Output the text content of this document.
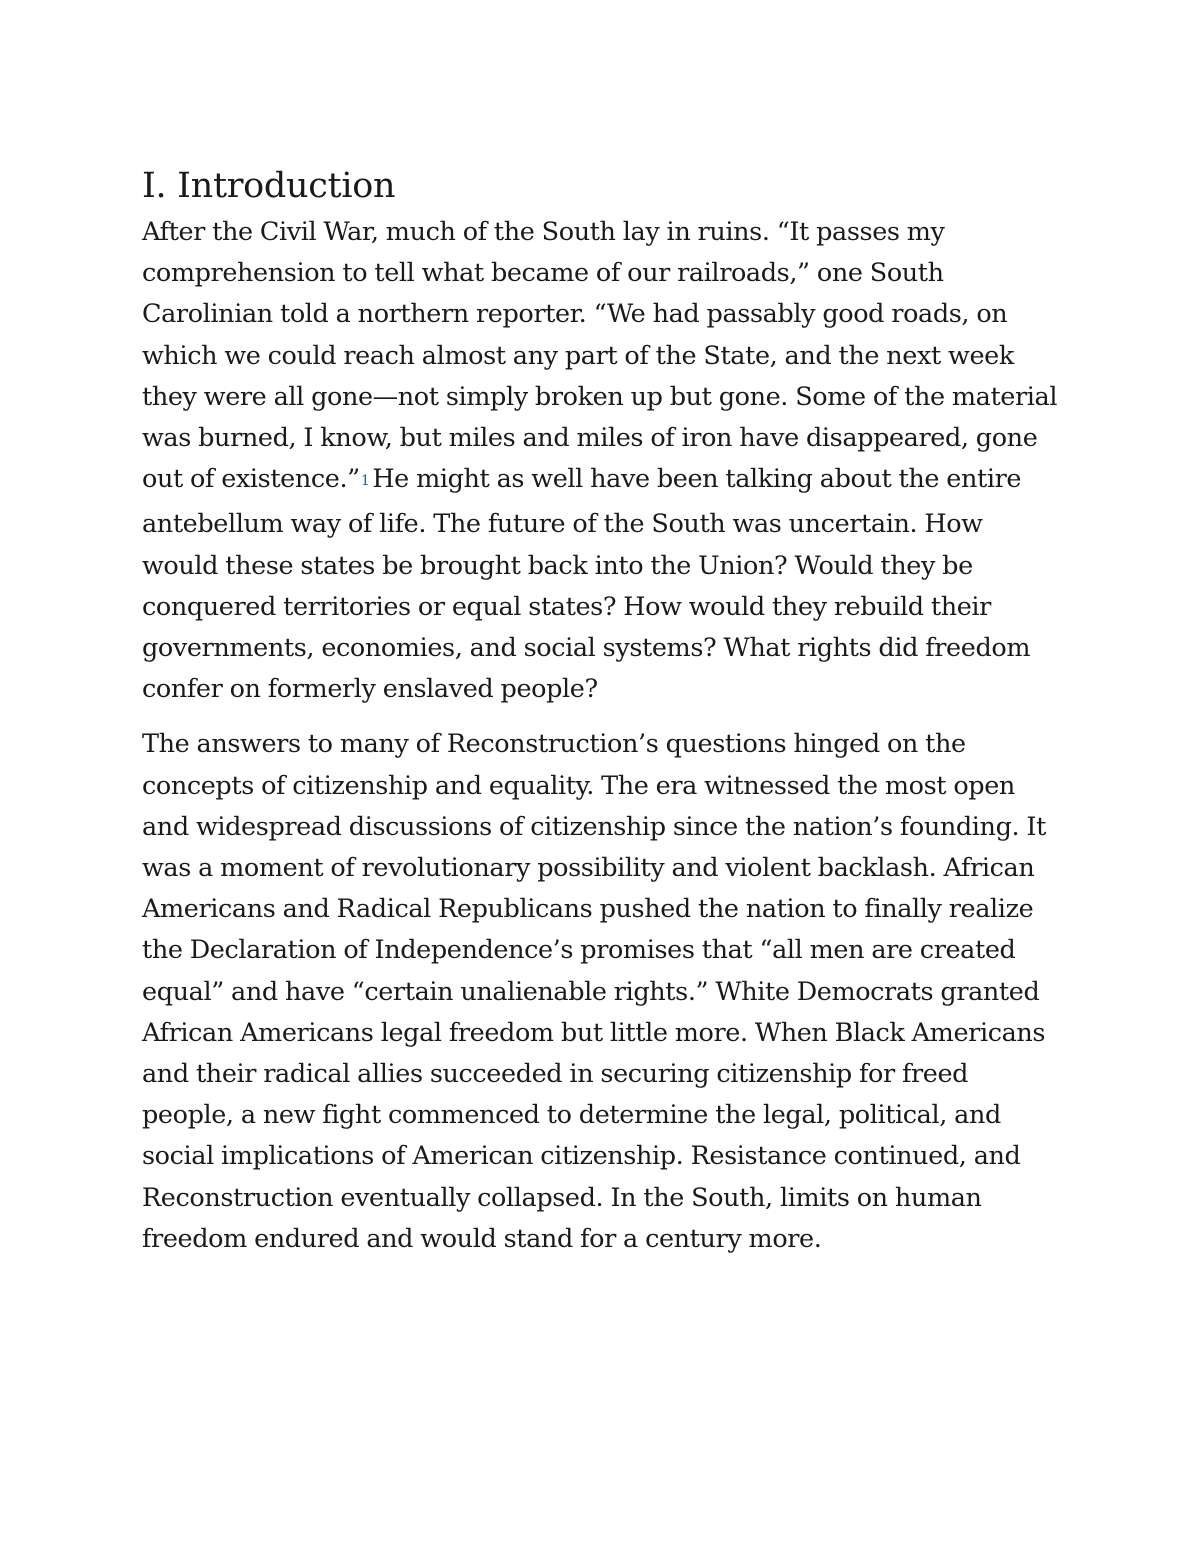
I. Introduction

After the Civil War, much of the South lay in ruins. “It passes my comprehension to tell what became of our railroads,” one South Carolinian told a northern reporter. “We had passably good roads, on which we could reach almost any part of the State, and the next week they were all gone—not simply broken up but gone. Some of the material was burned, I know, but miles and miles of iron have disappeared, gone out of existence.”1 He might as well have been talking about the entire antebellum way of life. The future of the South was uncertain. How would these states be brought back into the Union? Would they be conquered territories or equal states? How would they rebuild their governments, economies, and social systems? What rights did freedom confer on formerly enslaved people?

The answers to many of Reconstruction’s questions hinged on the concepts of citizenship and equality. The era witnessed the most open and widespread discussions of citizenship since the nation’s founding. It was a moment of revolutionary possibility and violent backlash. African Americans and Radical Republicans pushed the nation to finally realize the Declaration of Independence’s promises that “all men are created equal” and have “certain unalienable rights.” White Democrats granted African Americans legal freedom but little more. When Black Americans and their radical allies succeeded in securing citizenship for freed people, a new fight commenced to determine the legal, political, and social implications of American citizenship. Resistance continued, and Reconstruction eventually collapsed. In the South, limits on human freedom endured and would stand for a century more.
